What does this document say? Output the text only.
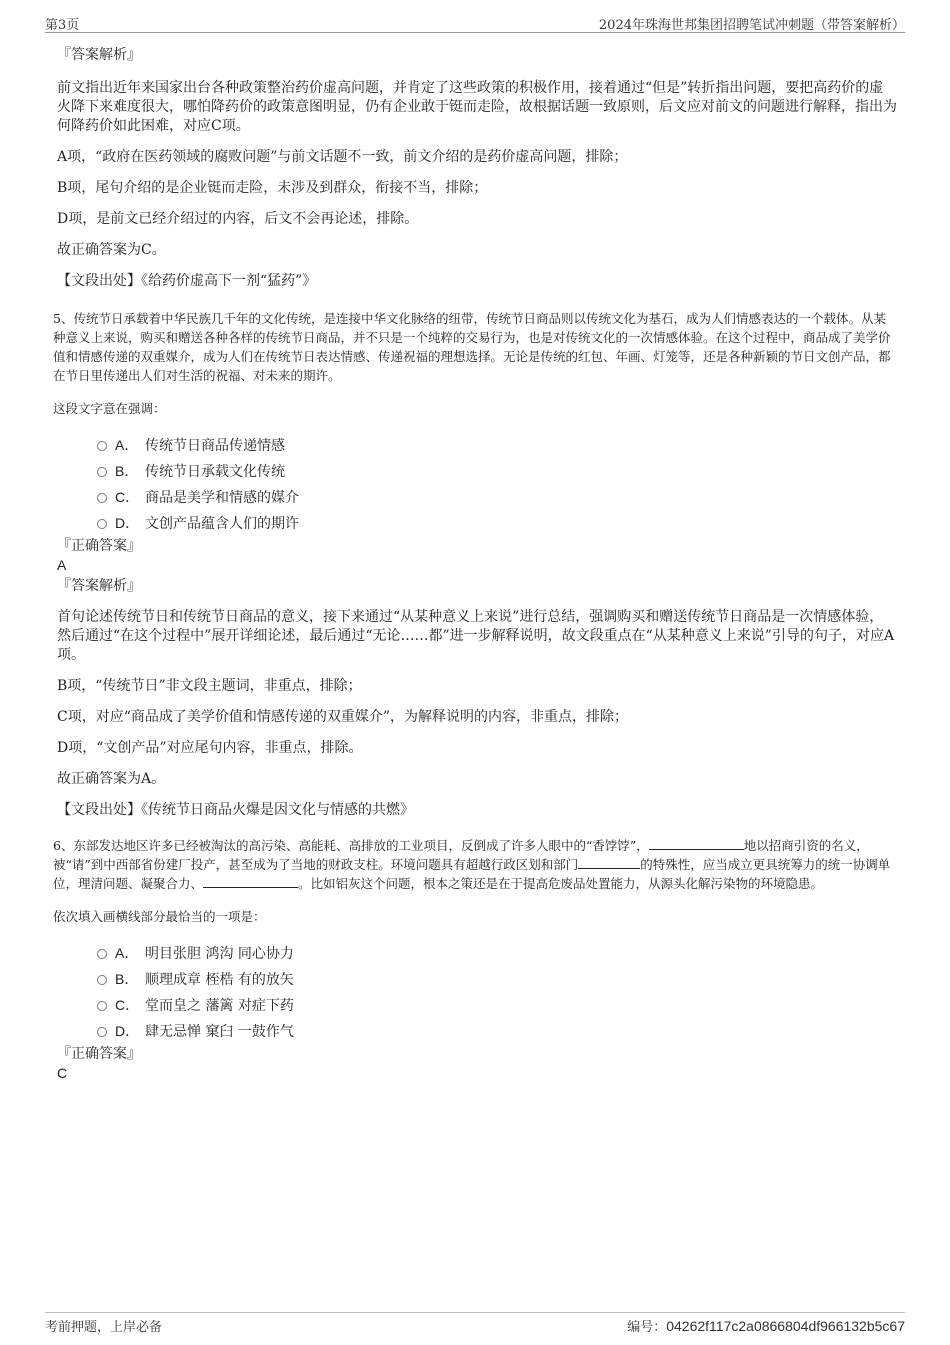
第3页	2024年珠海世邦集团招聘笔试冲刺题（带答案解析）
『答案解析』

前文指出近年来国家出台各种政策整治药价虚高问题，并肯定了这些政策的积极作用，接着通过“但是”转折指出问题，要把高药价的虚火降下来难度很大，哪怕降药价的政策意图明显，仍有企业敢于铤而走险，故根据话题一致原则，后文应对前文的问题进行解释，指出为何降药价如此困难，对应C项。

A项，“政府在医药领域的腐败问题”与前文话题不一致，前文介绍的是药价虚高问题，排除；

B项，尾句介绍的是企业铤而走险，未涉及到群众，衔接不当，排除；

D项，是前文已经介绍过的内容，后文不会再论述，排除。

故正确答案为C。

【文段出处】《给药价虚高下一剂“猛药”》

5、传统节日承载着中华民族几千年的文化传统，是连接中华文化脉络的纽带，传统节日商品则以传统文化为基石，成为人们情感表达的一个载体。从某种意义上来说，购买和赠送各种各样的传统节日商品，并不只是一个纯粹的交易行为，也是对传统文化的一次情感体验。在这个过程中，商品成了美学价值和情感传递的双重媒介，成为人们在传统节日表达情感、传递祝福的理想选择。无论是传统的红包、年画、灯笼等，还是各种新颖的节日文创产品，都在节日里传递出人们对生活的祝福、对未来的期许。

这段文字意在强调：

A． 传统节日商品传递情感
B． 传统节日承载文化传统
C． 商品是美学和情感的媒介
D． 文创产品蕴含人们的期许
『正确答案』
A
『答案解析』

首句论述传统节日和传统节日商品的意义，接下来通过“从某种意义上来说”进行总结，强调购买和赠送传统节日商品是一次情感体验，然后通过“在这个过程中”展开详细论述，最后通过“无论……都”进一步解释说明，故文段重点在“从某种意义上来说”引导的句子，对应A项。

B项，“传统节日”非文段主题词，非重点，排除；

C项，对应“商品成了美学价值和情感传递的双重媒介”，为解释说明的内容，非重点，排除；

D项，“文创产品”对应尾句内容，非重点，排除。

故正确答案为A。

【文段出处】《传统节日商品火爆是因文化与情感的共燃》

6、东部发达地区许多已经被淘汰的高污染、高能耗、高排放的工业项目，反倒成了许多人眼中的“香饽饽”，	地以招商引资的名义，被“请”到中西部省份建厂投产，甚至成为了当地的财政支柱。环境问题具有超越行政区划和部门	的特殊性，应当成立更具统筹力的统一协调单位，理清问题、凝聚合力、	。比如铝灰这个问题，根本之策还是在于提高危废品处置能力，从源头化解污染物的环境隐患。

依次填入画横线部分最恰当的一项是：

A． 明目张胆 鸿沟 同心协力
B． 顺理成章 桎梏 有的放矢
C． 堂而皇之 藩篱 对症下药
D． 肆无忌惮 窠臼 一鼓作气
『正确答案』
C
考前押题，上岸必备	编号：04262f117c2a0866804df966132b5c67
